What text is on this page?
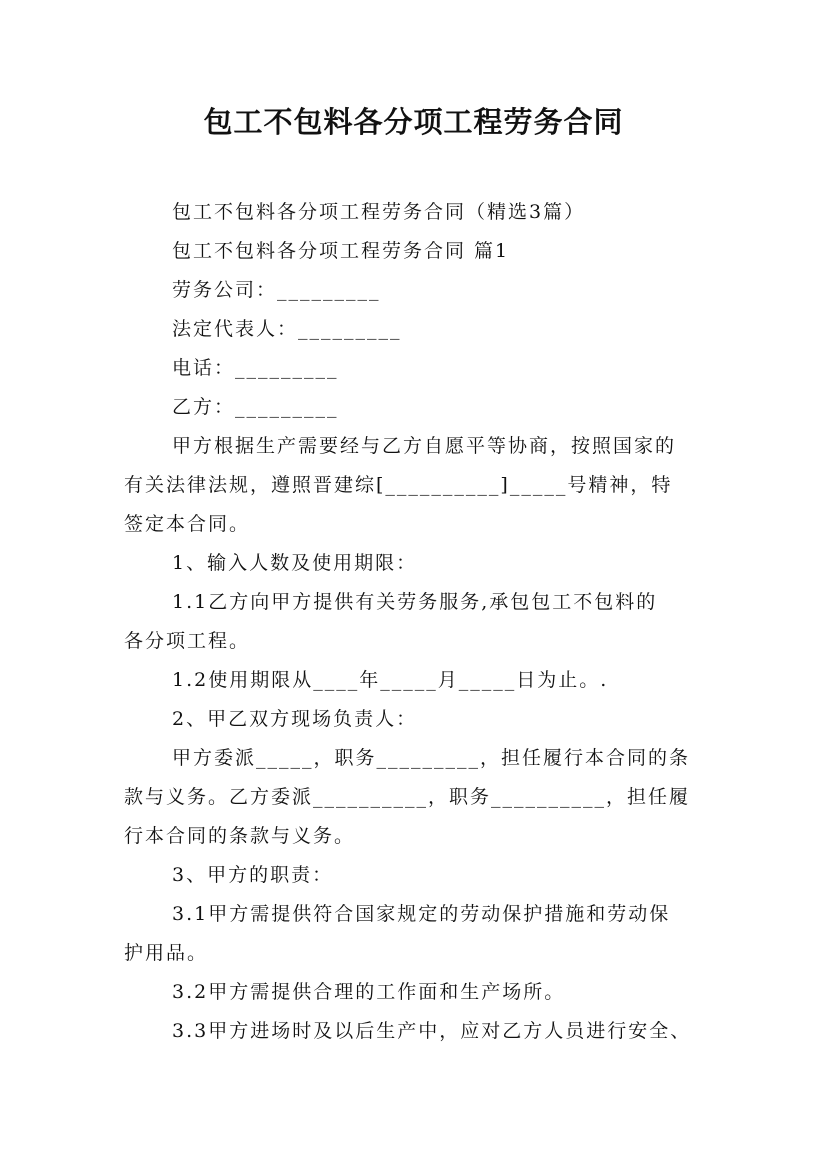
包工不包料各分项工程劳务合同
包工不包料各分项工程劳务合同（精选3篇）
包工不包料各分项工程劳务合同 篇1
劳务公司：_________
法定代表人：_________
电话：_________
乙方：_________
甲方根据生产需要经与乙方自愿平等协商，按照国家的
有关法律法规，遵照晋建综[__________]_____号精神，特
签定本合同。
1、输入人数及使用期限：
1.1乙方向甲方提供有关劳务服务,承包包工不包料的
各分项工程。
1.2使用期限从____年_____月_____日为止。.
2、甲乙双方现场负责人：
甲方委派_____，职务_________，担任履行本合同的条
款与义务。乙方委派__________，职务__________，担任履
行本合同的条款与义务。
3、甲方的职责：
3.1甲方需提供符合国家规定的劳动保护措施和劳动保
护用品。
3.2甲方需提供合理的工作面和生产场所。
3.3甲方进场时及以后生产中，应对乙方人员进行安全、
